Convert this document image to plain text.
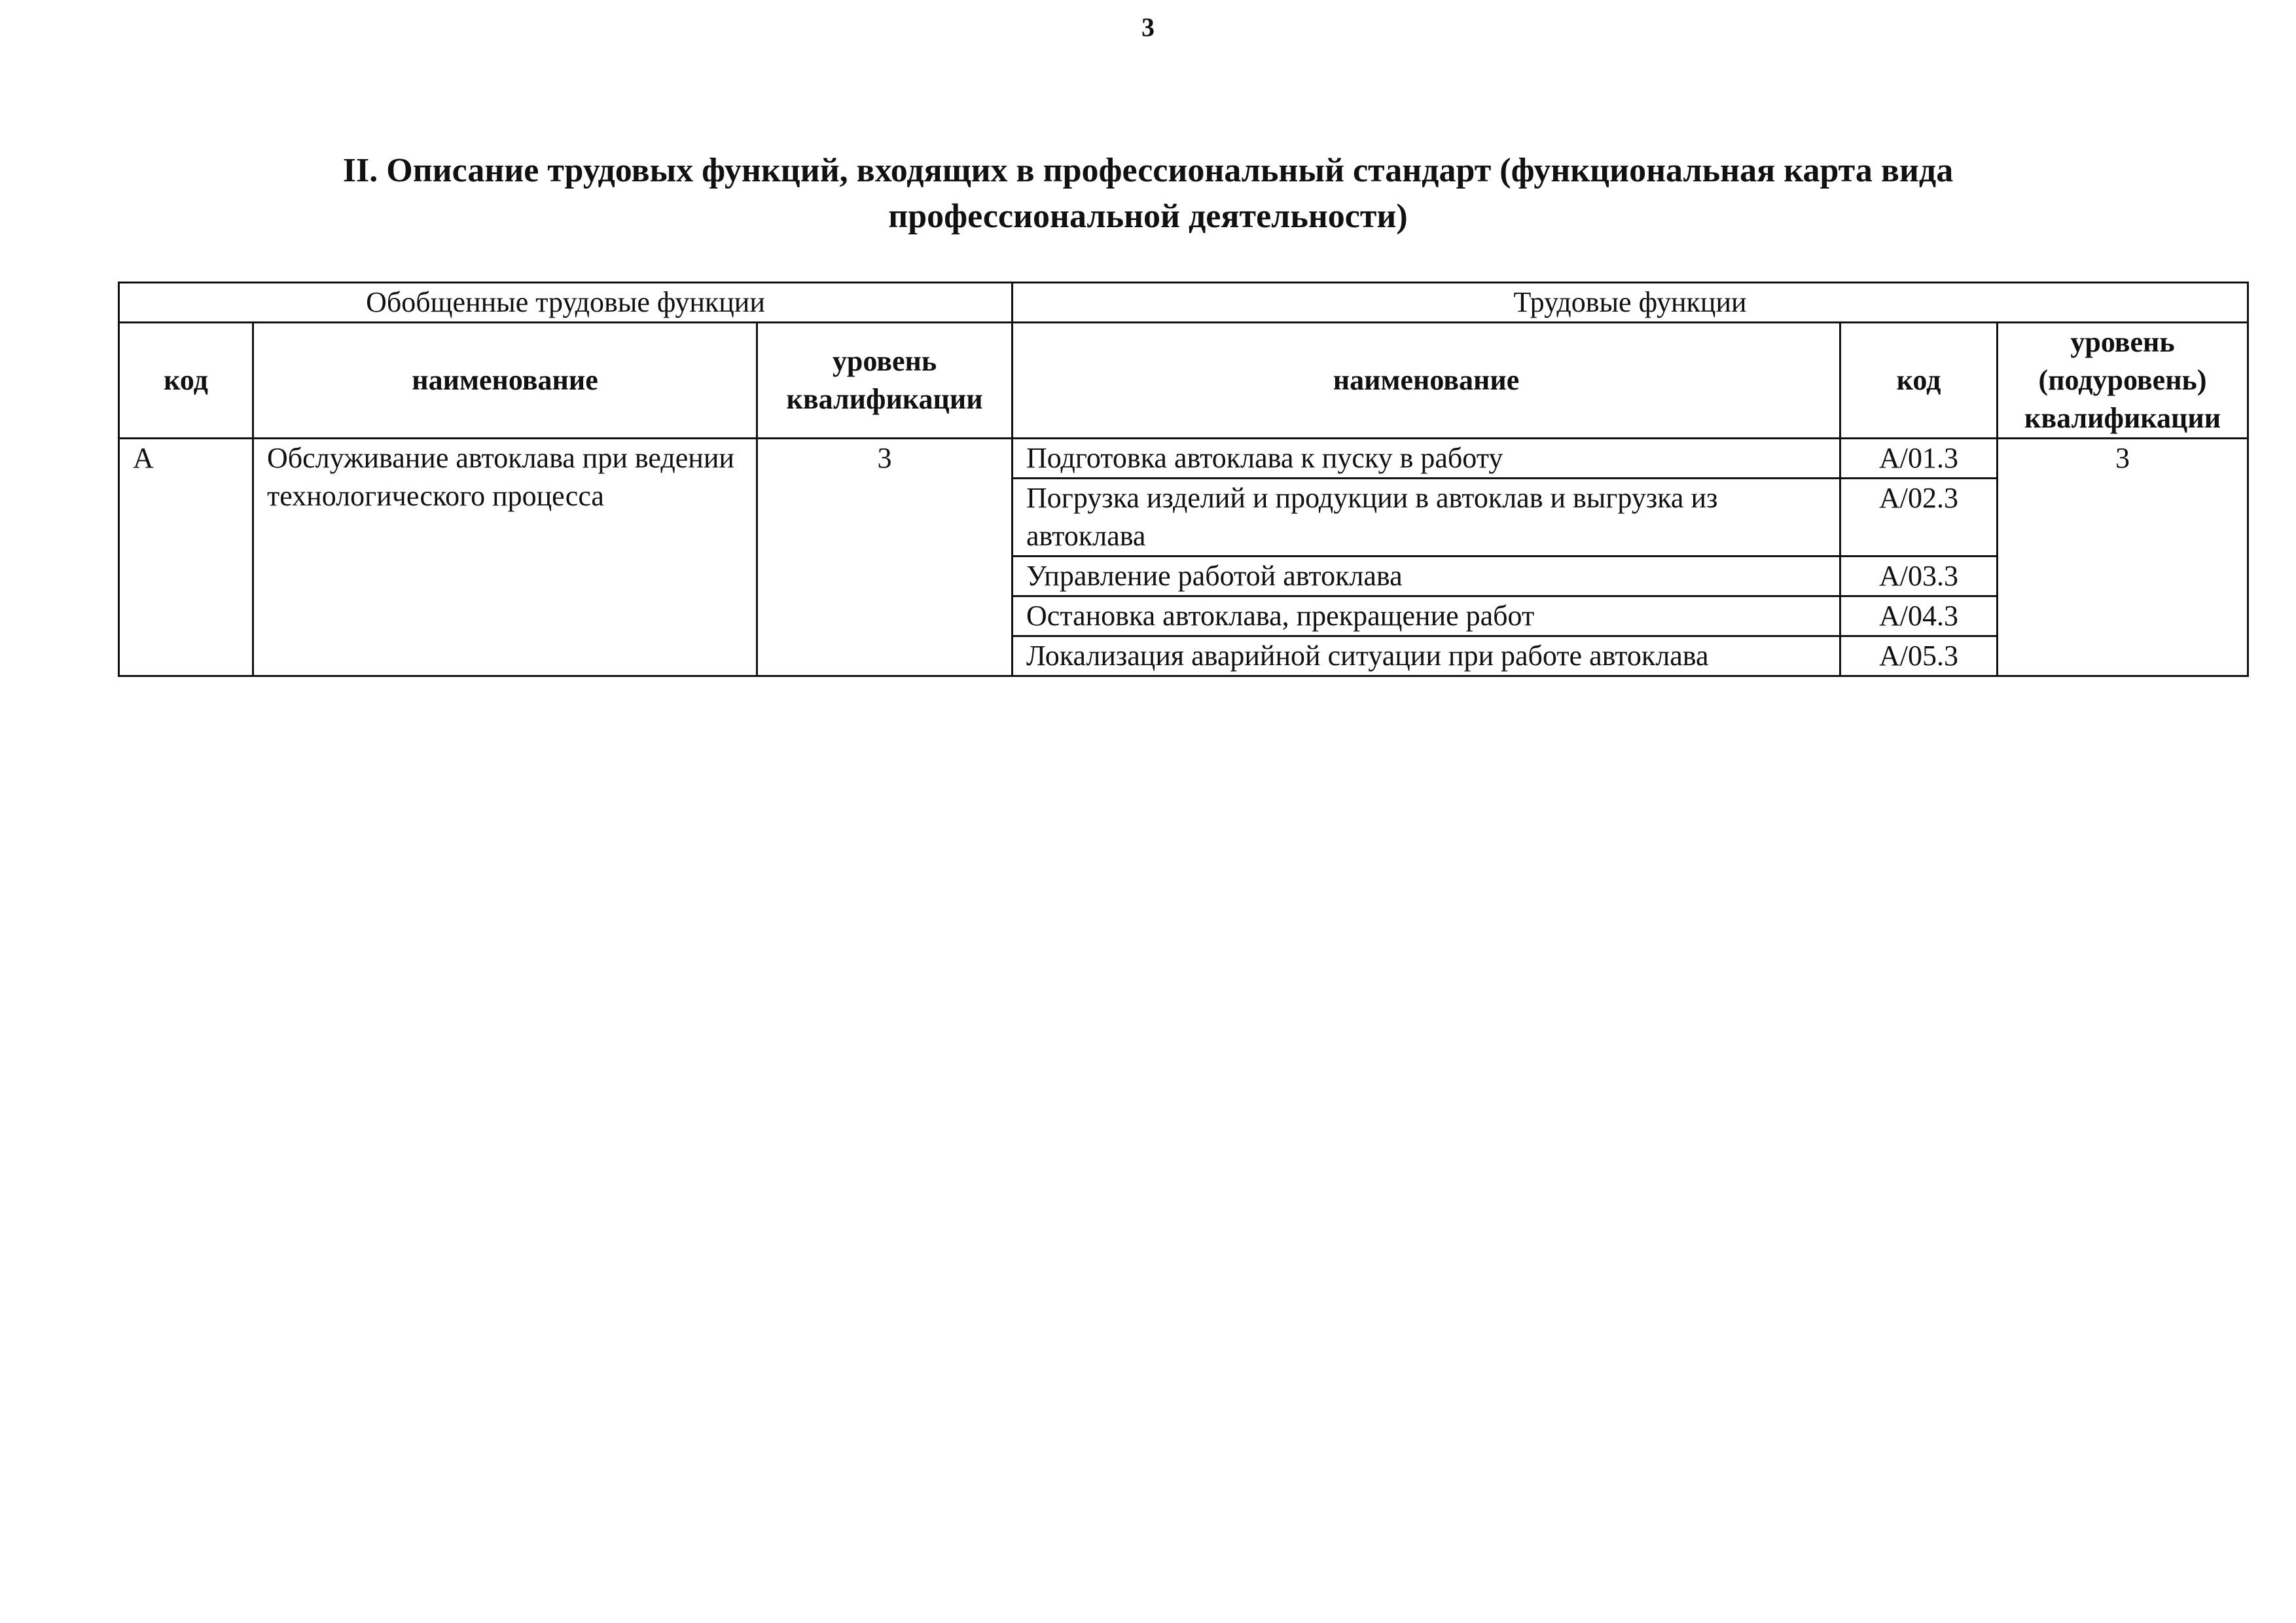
3
II. Описание трудовых функций, входящих в профессиональный стандарт (функциональная карта вида профессиональной деятельности)
Обобщенные трудовые функции			Трудовые функции		
код	наименование	уровень квалификации	наименование	код	уровень (подуровень) квалификации
А	Обслуживание автоклава при ведении технологического процесса	3	Подготовка автоклава к пуску в работу	А/01.3	3
			Погрузка изделий и продукции в автоклав и выгрузка из автоклава	А/02.3	
			Управление работой автоклава	А/03.3	
			Остановка автоклава, прекращение работ	А/04.3	
			Локализация аварийной ситуации при работе автоклава	А/05.3	
